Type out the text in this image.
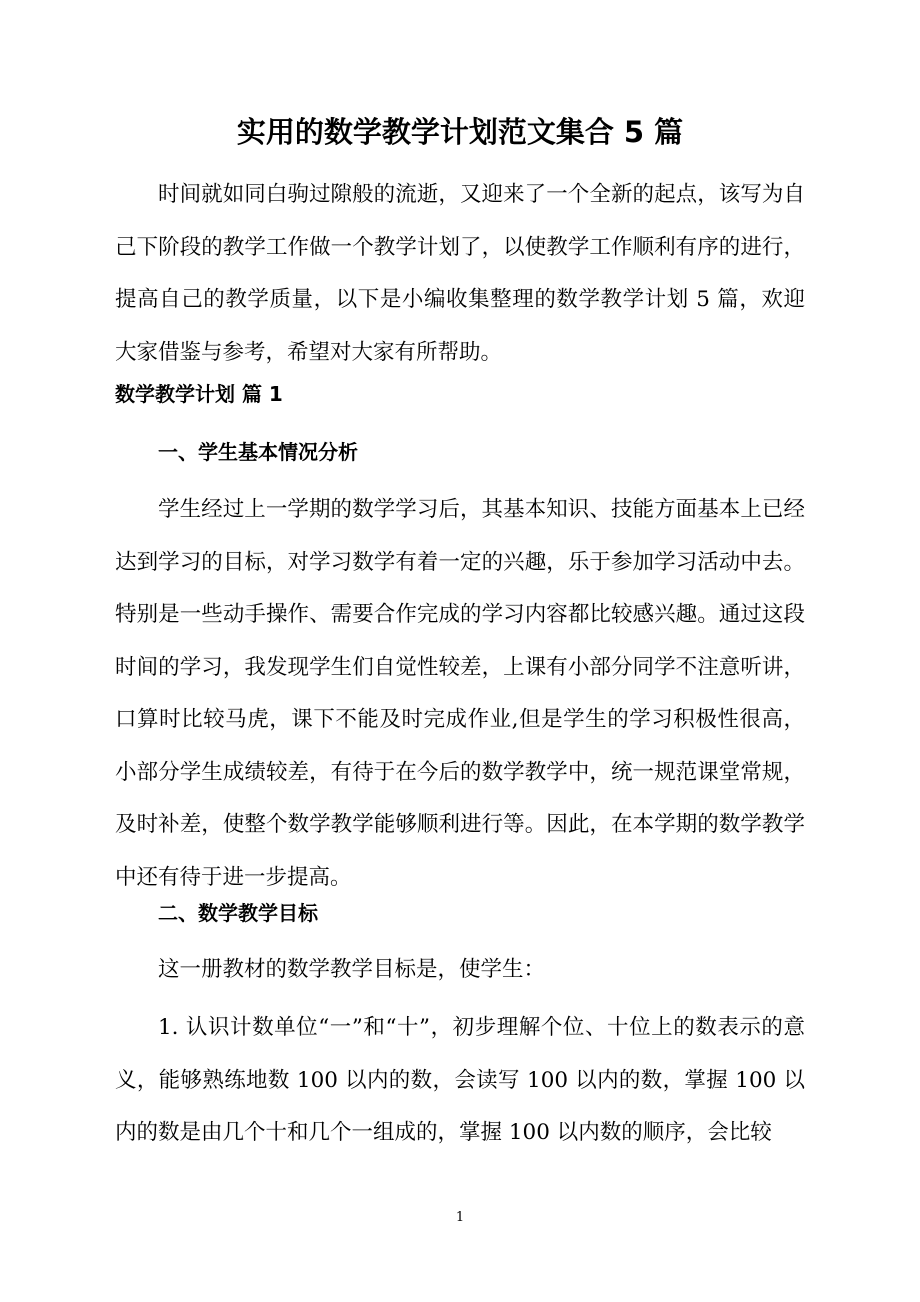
实用的数学教学计划范文集合 5 篇

时间就如同白驹过隙般的流逝，又迎来了一个全新的起点，该写为自己下阶段的教学工作做一个教学计划了，以使教学工作顺利有序的进行，提高自己的教学质量，以下是小编收集整理的数学教学计划 5 篇，欢迎大家借鉴与参考，希望对大家有所帮助。

数学教学计划 篇 1
一、学生基本情况分析

学生经过上一学期的数学学习后，其基本知识、技能方面基本上已经达到学习的目标，对学习数学有着一定的兴趣，乐于参加学习活动中去。特别是一些动手操作、需要合作完成的学习内容都比较感兴趣。通过这段时间的学习，我发现学生们自觉性较差，上课有小部分同学不注意听讲，口算时比较马虎，课下不能及时完成作业,但是学生的学习积极性很高，小部分学生成绩较差，有待于在今后的数学教学中，统一规范课堂常规，及时补差，使整个数学教学能够顺利进行等。因此，在本学期的数学教学中还有待于进一步提高。

二、数学教学目标

这一册教材的数学教学目标是，使学生：

1. 认识计数单位“一”和“十”，初步理解个位、十位上的数表示的意义，能够熟练地数 100 以内的数，会读写 100 以内的数，掌握 100 以内的数是由几个十和几个一组成的，掌握 100 以内数的顺序，会比较

1
